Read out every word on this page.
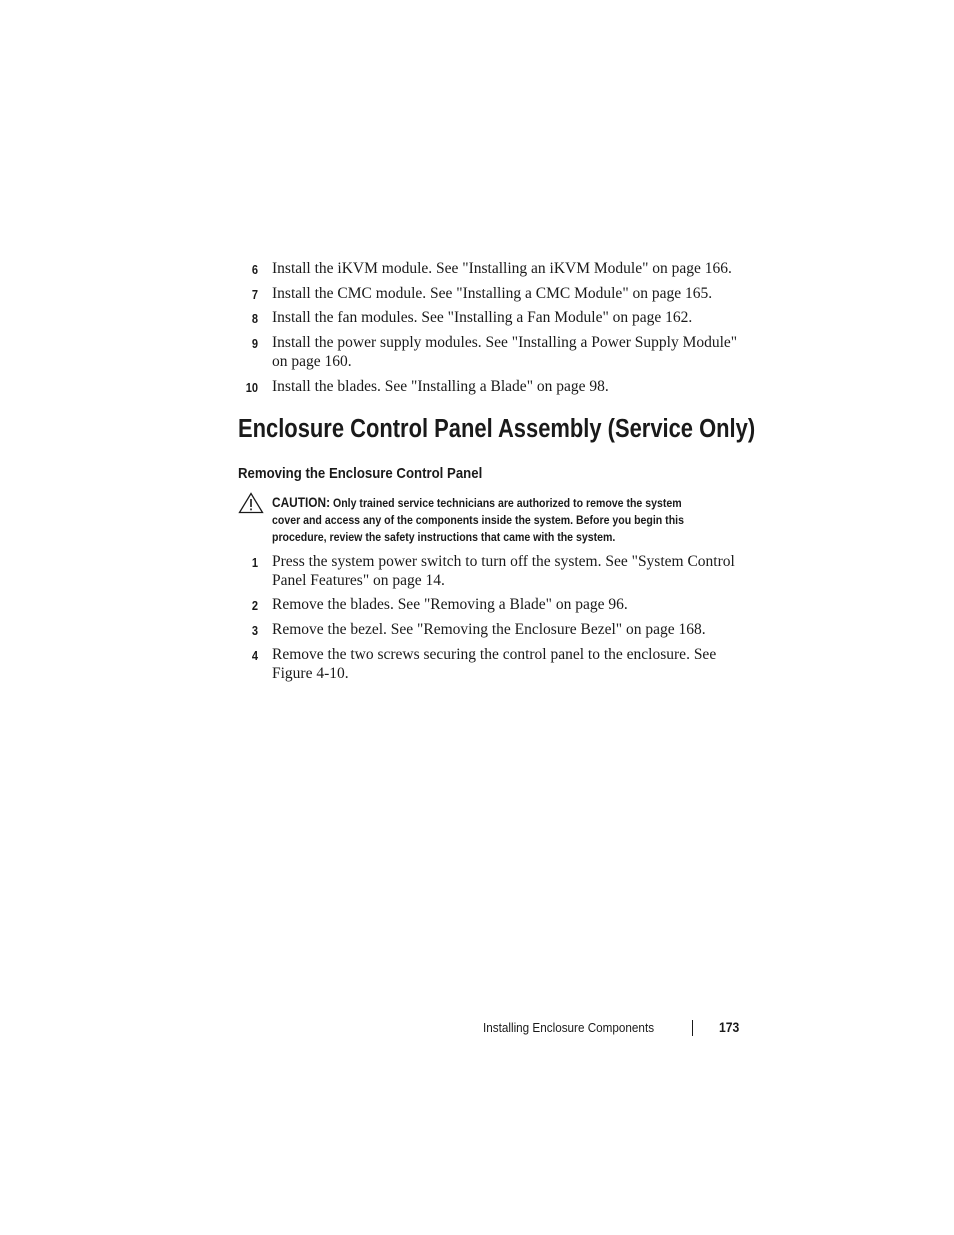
6 Install the iKVM module. See "Installing an iKVM Module" on page 166.
7 Install the CMC module. See "Installing a CMC Module" on page 165.
8 Install the fan modules. See "Installing a Fan Module" on page 162.
9 Install the power supply modules. See "Installing a Power Supply Module" on page 160.
10 Install the blades. See "Installing a Blade" on page 98.
Enclosure Control Panel Assembly (Service Only)
Removing the Enclosure Control Panel
CAUTION: Only trained service technicians are authorized to remove the system
cover and access any of the components inside the system. Before you begin this
procedure, review the safety instructions that came with the system.
1 Press the system power switch to turn off the system. See "System Control Panel Features" on page 14.
2 Remove the blades. See "Removing a Blade" on page 96.
3 Remove the bezel. See "Removing the Enclosure Bezel" on page 168.
4 Remove the two screws securing the control panel to the enclosure. See Figure 4-10.
Installing Enclosure Components	173
